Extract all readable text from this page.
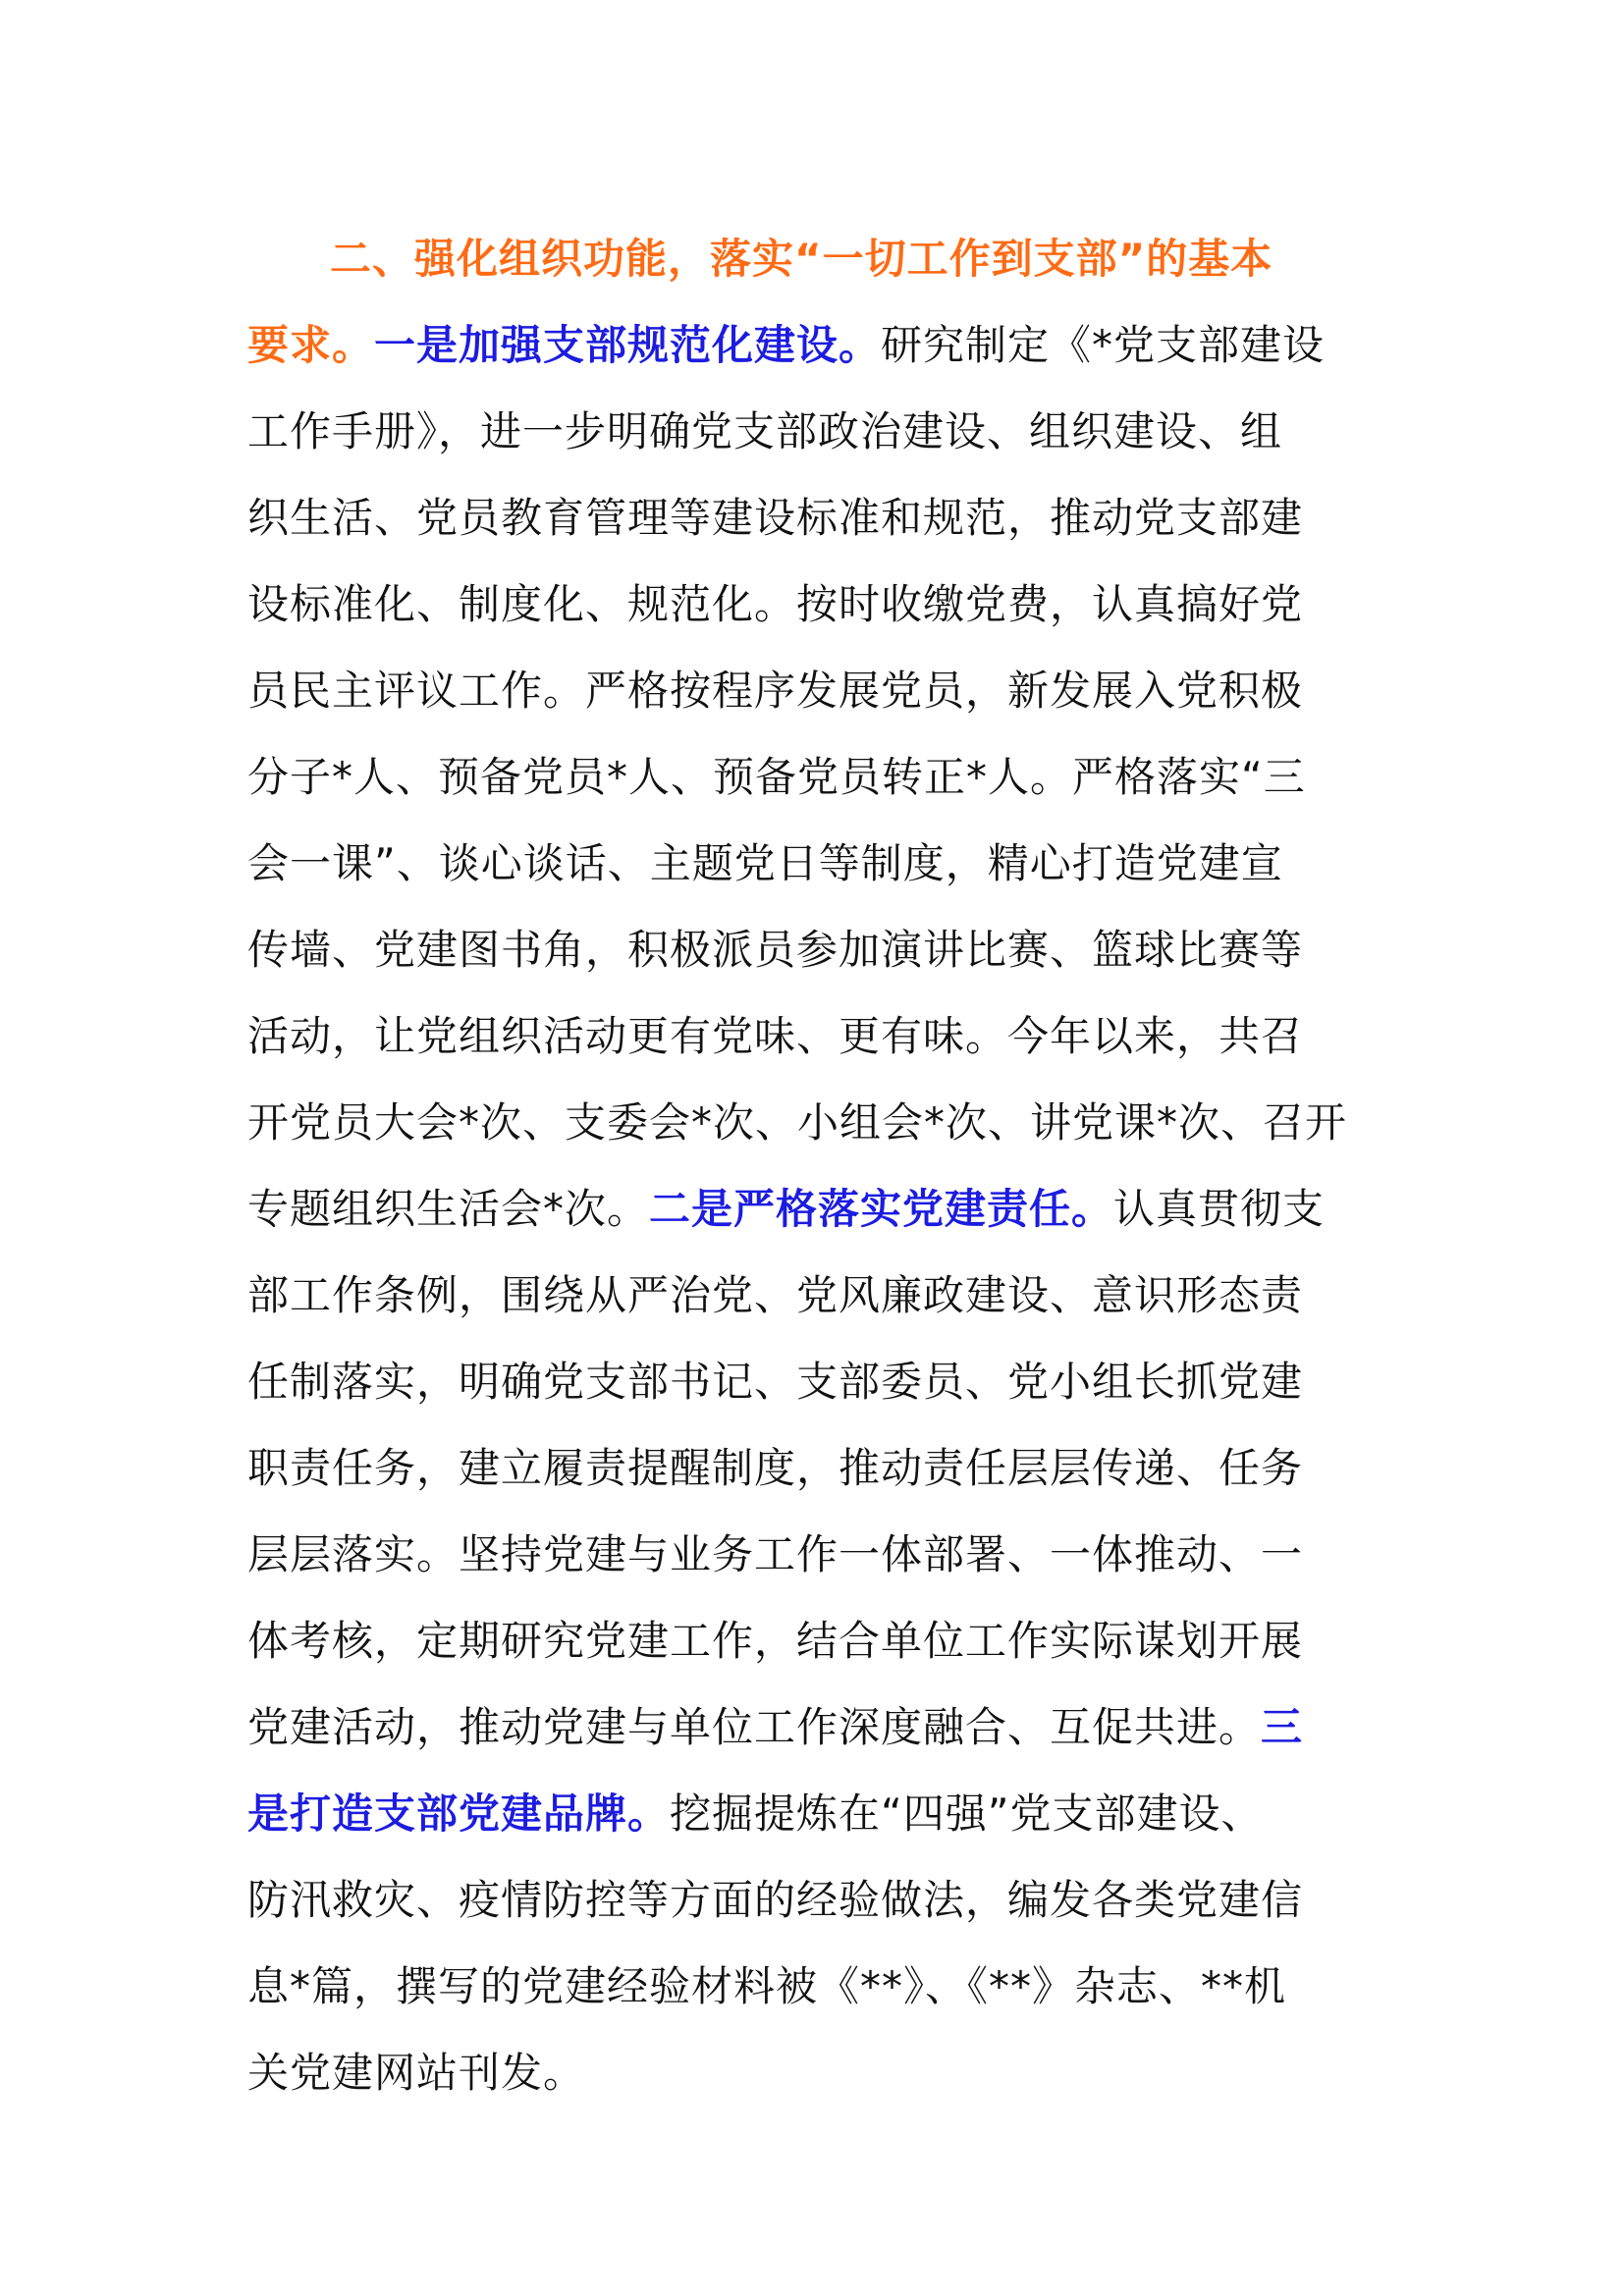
二、强化组织功能，落实“一切工作到支部”的基本
要求。一是加强支部规范化建设。研究制定《*党支部建设
工作手册》，进一步明确党支部政治建设、组织建设、组
织生活、党员教育管理等建设标准和规范，推动党支部建
设标准化、制度化、规范化。按时收缴党费，认真搞好党
员民主评议工作。严格按程序发展党员，新发展入党积极
分子*人、预备党员*人、预备党员转正*人。严格落实“三
会一课”、谈心谈话、主题党日等制度，精心打造党建宣
传墙、党建图书角，积极派员参加演讲比赛、篮球比赛等
活动，让党组织活动更有党味、更有味。今年以来，共召
开党员大会*次、支委会*次、小组会*次、讲党课*次、召开
专题组织生活会*次。二是严格落实党建责任。认真贯彻支
部工作条例，围绕从严治党、党风廉政建设、意识形态责
任制落实，明确党支部书记、支部委员、党小组长抓党建
职责任务，建立履责提醒制度，推动责任层层传递、任务
层层落实。坚持党建与业务工作一体部署、一体推动、一
体考核，定期研究党建工作，结合单位工作实际谋划开展
党建活动，推动党建与单位工作深度融合、互促共进。三
是打造支部党建品牌。挖掘提炼在“四强”党支部建设、
防汛救灾、疫情防控等方面的经验做法，编发各类党建信
息*篇，撰写的党建经验材料被《**》、《**》杂志、**机
关党建网站刊发。
